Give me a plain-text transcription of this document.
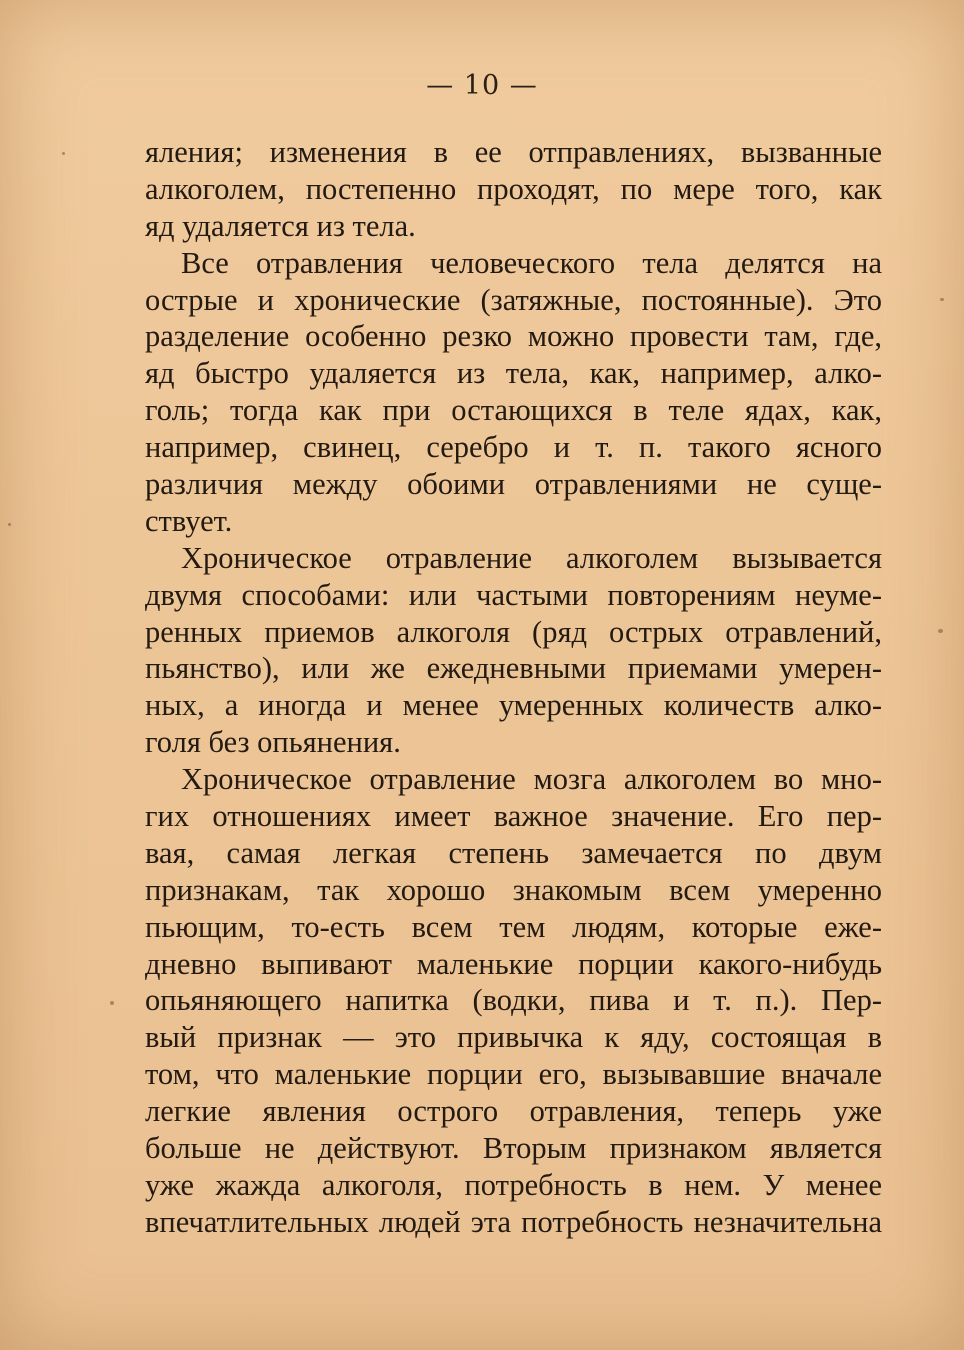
— 10 —
яления; изменения в ее отправлениях, вызванные
алкоголем, постепенно проходят, по мере того, как
яд удаляется из тела.
Все отравления человеческого тела делятся на
острые и хронические (затяжные, постоянные). Это
разделение особенно резко можно провести там, где,
яд быстро удаляется из тела, как, например, алко-
голь; тогда как при остающихся в теле ядах, как,
например, свинец, серебро и т. п. такого ясного
различия между обоими отравлениями не суще-
ствует.
Хроническое отравление алкоголем вызывается
двумя способами: или частыми повторениям неуме-
ренных приемов алкоголя (ряд острых отравлений,
пьянство), или же ежедневными приемами умерен-
ных, а иногда и менее умеренных количеств алко-
голя без опьянения.
Хроническое отравление мозга алкоголем во мно-
гих отношениях имеет важное значение. Его пер-
вая, самая легкая степень замечается по двум
признакам, так хорошо знакомым всем умеренно
пьющим, то-есть всем тем людям, которые еже-
дневно выпивают маленькие порции какого-нибудь
опьяняющего напитка (водки, пива и т. п.). Пер-
вый признак — это привычка к яду, состоящая в
том, что маленькие порции его, вызывавшие вначале
легкие явления острого отравления, теперь уже
больше не действуют. Вторым признаком является
уже жажда алкоголя, потребность в нем. У менее
впечатлительных людей эта потребность незначительна
